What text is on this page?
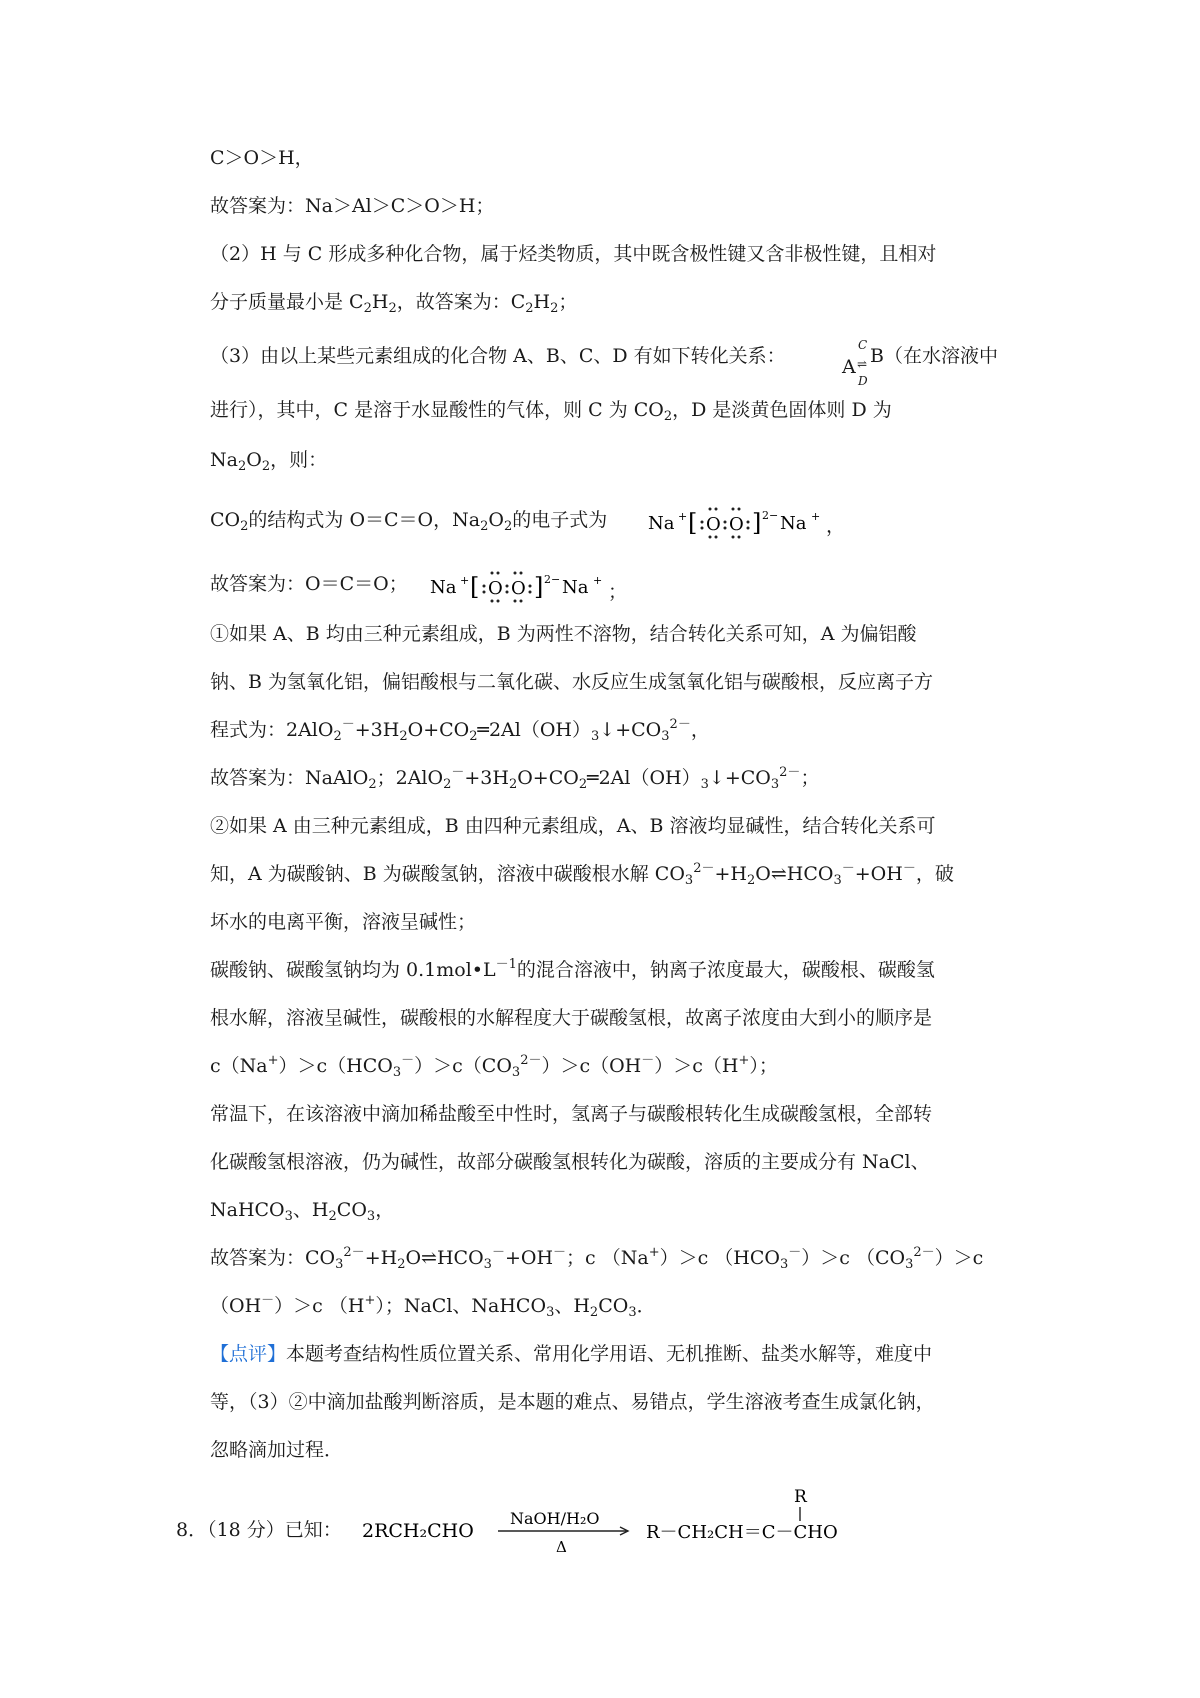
C＞O＞H，
故答案为：Na＞Al＞C＞O＞H；
（2）H 与 C 形成多种化合物，属于烃类物质，其中既含极性键又含非极性键，且相对
分子质量最小是 $C_2H_2$，故答案为：$C_2H_2$；
（3）由以上某些元素组成的化合物 A、B、C、D 有如下转化关系：	B（在水溶液中
进行），其中，C 是溶于水显酸性的气体，则 C 为 $CO_2$，D 是淡黄色固体则 D 为
$Na_2O_2$，则：
$CO_2$的结构式为 O＝C＝O，$Na_2O_2$的电子式为
故答案为：O＝C＝O；
①如果 A、B 均由三种元素组成，B 为两性不溶物，结合转化关系可知，A 为偏铝酸
钠、B 为氢氧化铝，偏铝酸根与二氧化碳、水反应生成氢氧化铝与碳酸根，反应离子方
程式为：$2AlO_2^-+3H_2O+CO_2═2Al(OH)_3↓+CO_3^{2-}$，
故答案为：NaAlO$_2$；$2AlO_2^-+3H_2O+CO_2═2Al(OH)_3↓+CO_3^{2-}$；
②如果 A 由三种元素组成，B 由四种元素组成，A、B 溶液均显碱性，结合转化关系可
知，A 为碳酸钠、B 为碳酸氢钠，溶液中碳酸根水解 $CO_3^{2-}+H_2O\rightleftharpoons HCO_3^-+OH^-$，破
坏水的电离平衡，溶液呈碱性；
碳酸钠、碳酸氢钠均为 $0.1mol•L^{-1}$的混合溶液中，钠离子浓度最大，碳酸根、碳酸氢
根水解，溶液呈碱性，碳酸根的水解程度大于碳酸氢根，故离子浓度由大到小的顺序是
$c(Na^+)>c(HCO_3^-)>c(CO_3^{2-})>c(OH^-)>c(H^+)$；
常温下，在该溶液中滴加稀盐酸至中性时，氢离子与碳酸根转化生成碳酸氢根，全部转
化碳酸氢根溶液，仍为碱性，故部分碳酸氢根转化为碳酸，溶质的主要成分有 NaCl、
NaHCO$_3$、$H_2CO_3$，
故答案为：$CO_3^{2-}+H_2O\rightleftharpoons HCO_3^-+OH^-$；c （Na+）＞c $(HCO_3^-)>c$ $(CO_3^{2-})>c$
（OH－）＞c （H+）；NaCl、NaHCO$_3$、$H_2CO_3$．
【点评】本题考查结构性质位置关系、常用化学用语、无机推断、盐类水解等，难度中
等，（3）②中滴加盐酸判断溶质，是本题的难点、易错点，学生溶液考查生成氯化钠，
忽略滴加过程．
8．（18 分）已知：
A
C
⇌
D
Na + [ O O ] 2− Na + ，
Na + [ O O ] 2− Na +
；
2RCH₂CHO
NaOH/H₂O
Δ
R－CH₂CH＝C－CHO
R
